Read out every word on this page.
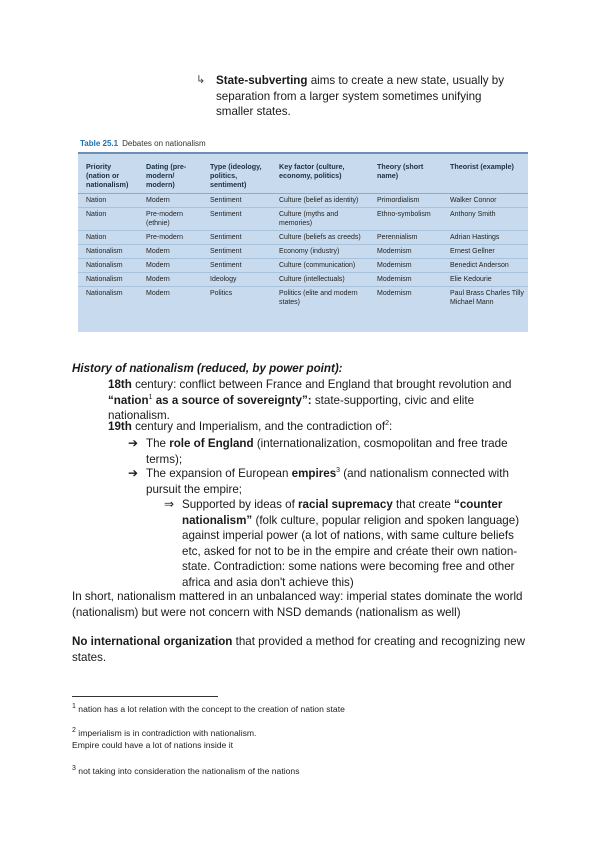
↳ State-subverting aims to create a new state, usually by separation from a larger system sometimes unifying smaller states.
Table 25.1 Debates on nationalism
Priority (nation or nationalism)	Dating (pre-modern/ modern)	Type (ideology, politics, sentiment)	Key factor (culture, economy, politics)	Theory (short name)	Theorist (example)
Nation	Modern	Sentiment	Culture (belief as identity)	Primordialism	Walker Connor
Nation	Pre-modern (ethnie)	Sentiment	Culture (myths and memories)	Ethno-symbolism	Anthony Smith
Nation	Pre-modern	Sentiment	Culture (beliefs as creeds)	Perennialism	Adrian Hastings
Nationalism	Modern	Sentiment	Economy (industry)	Modernism	Ernest Gellner
Nationalism	Modern	Sentiment	Culture (communication)	Modernism	Benedict Anderson
Nationalism	Modern	Ideology	Culture (intellectuals)	Modernism	Elie Kedourie
Nationalism	Modern	Politics	Politics (elite and modern states)	Modernism	Paul Brass Charles Tilly Michael Mann
History of nationalism (reduced, by power point):
18th century: conflict between France and England that brought revolution and “nation$^1$ as a source of sovereignty”: state-supporting, civic and elite nationalism.
19th century and Imperialism, and the contradiction $of^2$:
➔ The role of England (internationalization, cosmopolitan and free trade terms);
➔ The expansion of European empires$^3$ (and nationalism connected with pursuit the empire;
⇒ Supported by ideas of racial supremacy that create “counter nationalism” (folk culture, popular religion and spoken language) against imperial power (a lot of nations, with same culture beliefs etc, asked for not to be in the empire and créate their own nation-state. Contradiction: some nations were becoming free and other africa and asia don't achieve this)
In short, nationalism mattered in an unbalanced way: imperial states dominate the world (nationalism) but were not concern with NSD demands (nationalism as well)
No international organization that provided a method for creating and recognizing new states.
$^1$ nation has a lot relation with the concept to the creation of nation state
$^2$ imperialism is in contradiction with nationalism.
Empire could have a lot of nations inside it
$^3$ not taking into consideration the nationalism of the nations
